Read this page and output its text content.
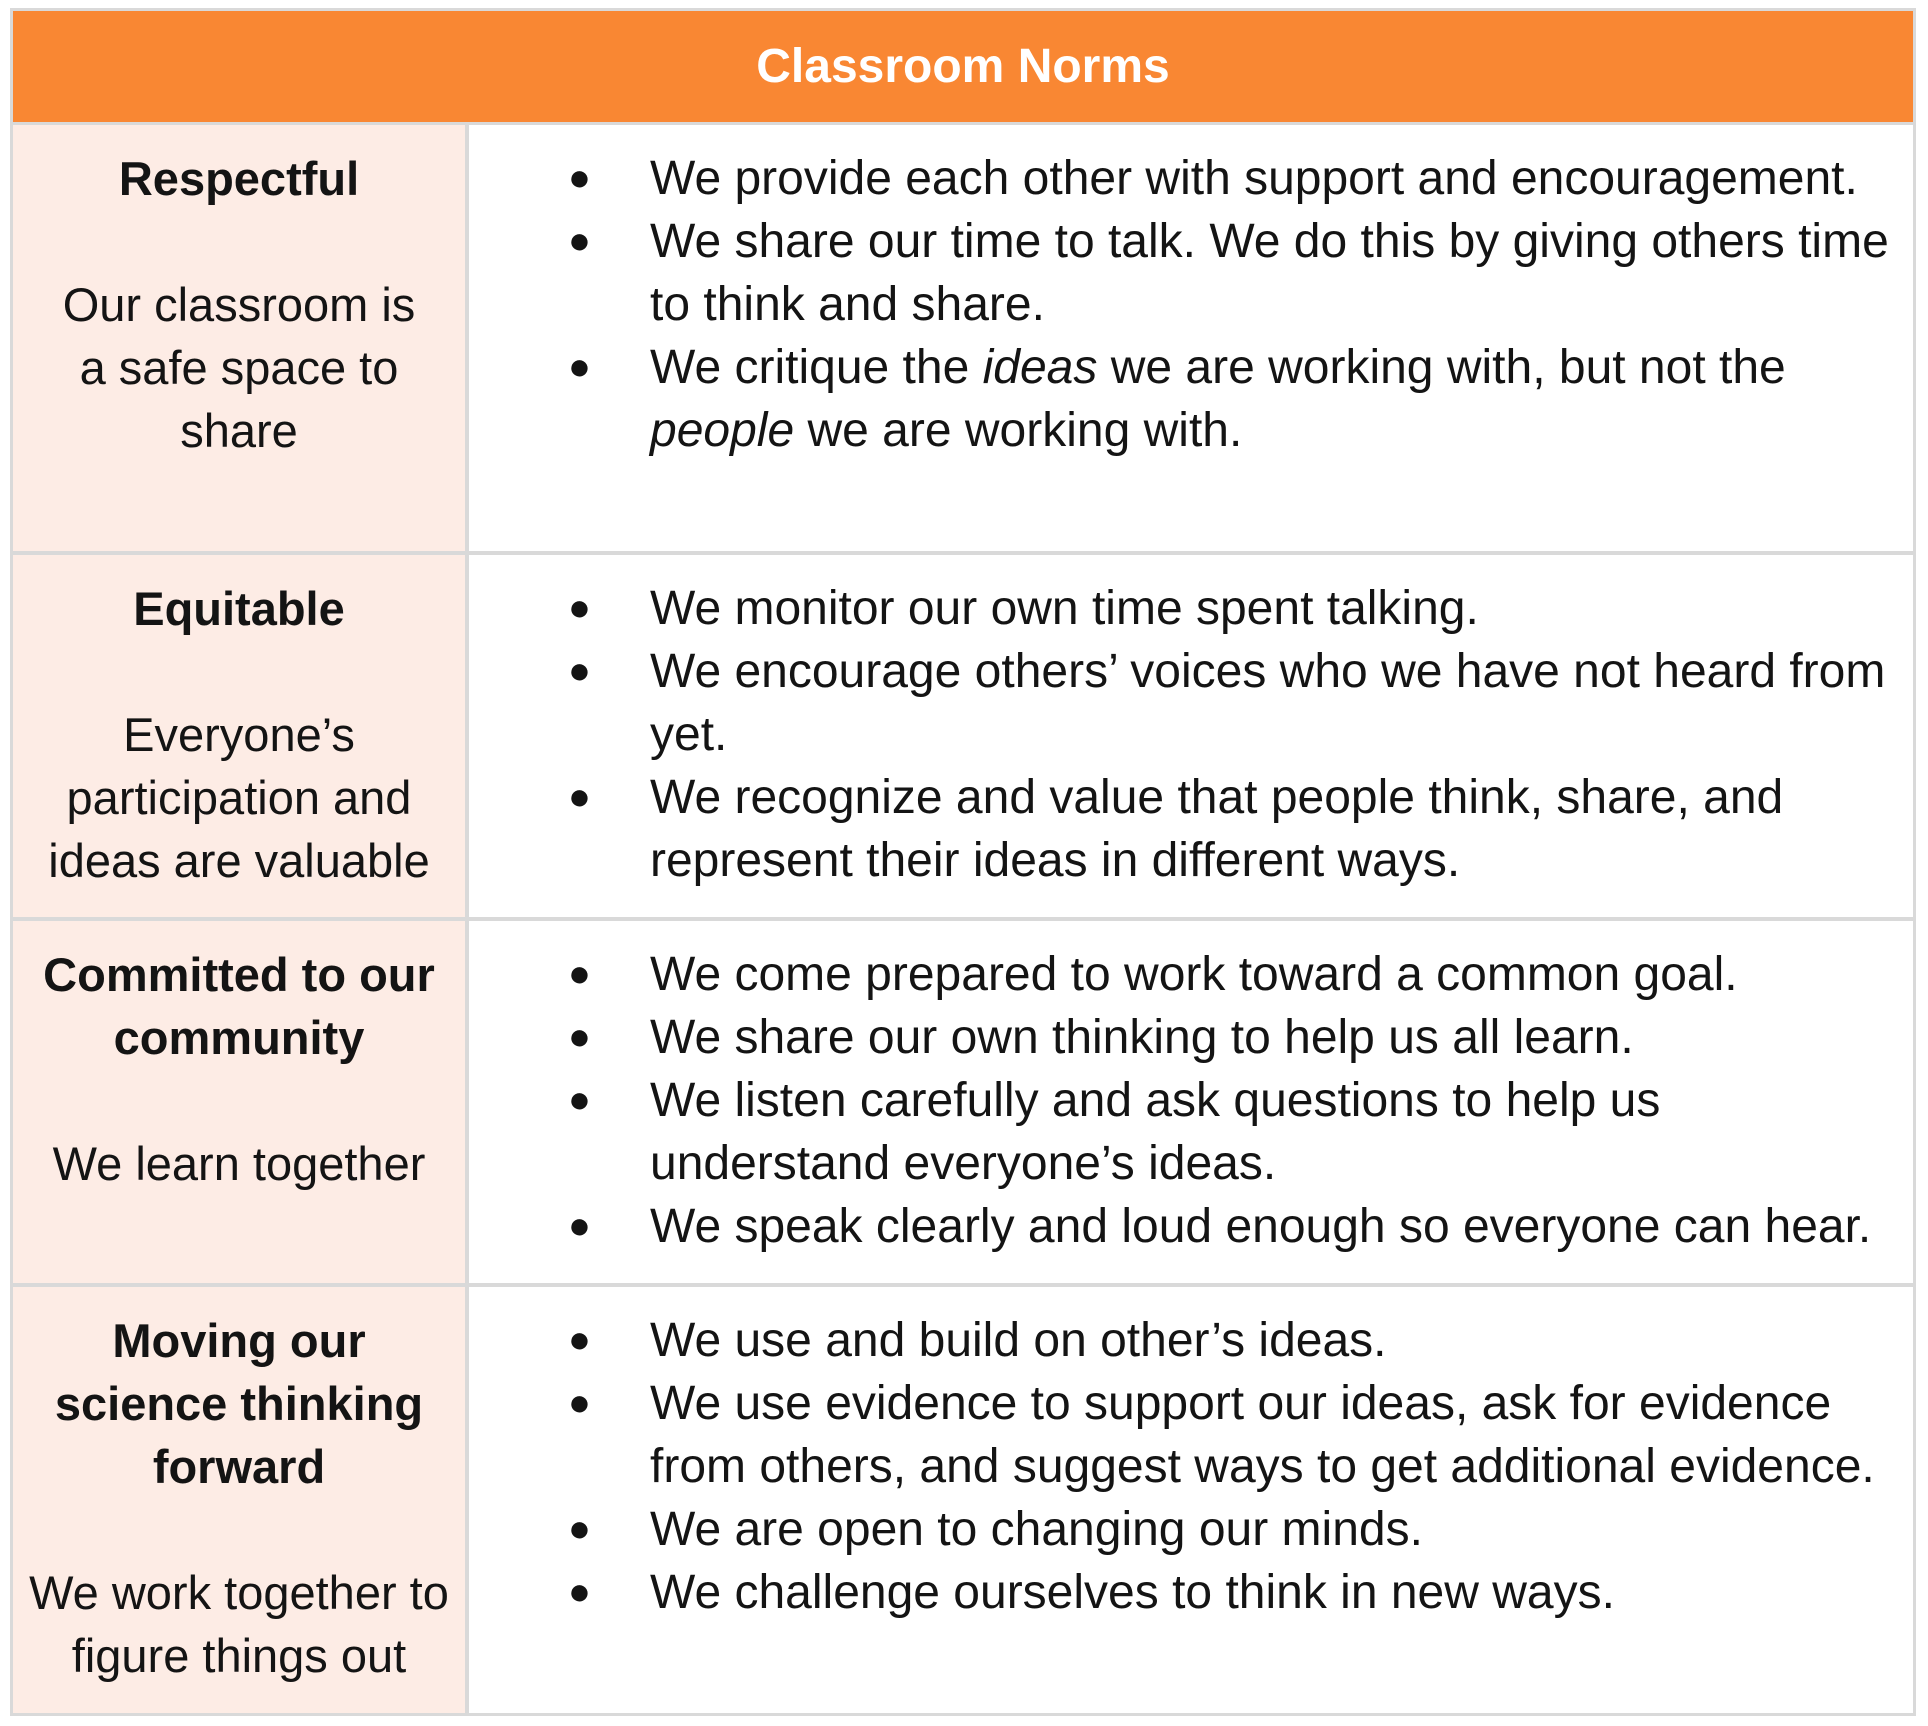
Classroom Norms
Respectful
Our classroom is a safe space to share
● We provide each other with support and encouragement.
● We share our time to talk. We do this by giving others time to think and share.
● We critique the ideas we are working with, but not the people we are working with.
Equitable
Everyone’s participation and ideas are valuable
● We monitor our own time spent talking.
● We encourage others’ voices who we have not heard from yet.
● We recognize and value that people think, share, and represent their ideas in different ways.
Committed to our community
We learn together
● We come prepared to work toward a common goal.
● We share our own thinking to help us all learn.
● We listen carefully and ask questions to help us understand everyone’s ideas.
● We speak clearly and loud enough so everyone can hear.
Moving our science thinking forward
We work together to figure things out
● We use and build on other’s ideas.
● We use evidence to support our ideas, ask for evidence from others, and suggest ways to get additional evidence.
● We are open to changing our minds.
● We challenge ourselves to think in new ways.
